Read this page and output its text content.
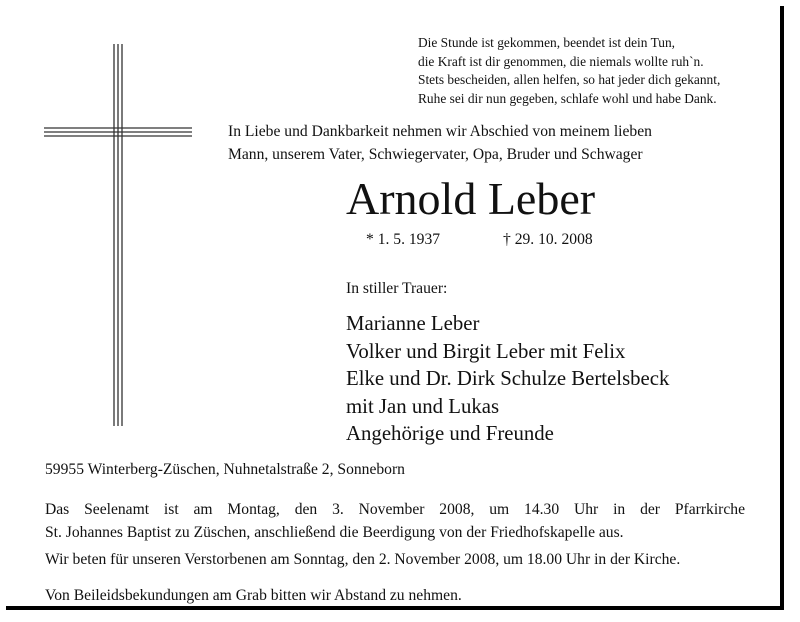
Die Stunde ist gekommen, beendet ist dein Tun,
die Kraft ist dir genommen, die niemals wollte ruh`n.
Stets bescheiden, allen helfen, so hat jeder dich gekannt,
Ruhe sei dir nun gegeben, schlafe wohl und habe Dank.
In Liebe und Dankbarkeit nehmen wir Abschied von meinem lieben
Mann, unserem Vater, Schwiegervater, Opa, Bruder und Schwager
Arnold Leber
* 1. 5. 1937	† 29. 10. 2008
In stiller Trauer:
Marianne Leber
Volker und Birgit Leber mit Felix
Elke und Dr. Dirk Schulze Bertelsbeck
mit Jan und Lukas
Angehörige und Freunde
59955 Winterberg-Züschen, Nuhnetalstraße 2, Sonneborn
Das Seelenamt ist am Montag, den 3. November 2008, um 14.30 Uhr in der Pfarrkirche
St. Johannes Baptist zu Züschen, anschließend die Beerdigung von der Friedhofskapelle aus.
Wir beten für unseren Verstorbenen am Sonntag, den 2. November 2008, um 18.00 Uhr in der Kirche.
Von Beileidsbekundungen am Grab bitten wir Abstand zu nehmen.
